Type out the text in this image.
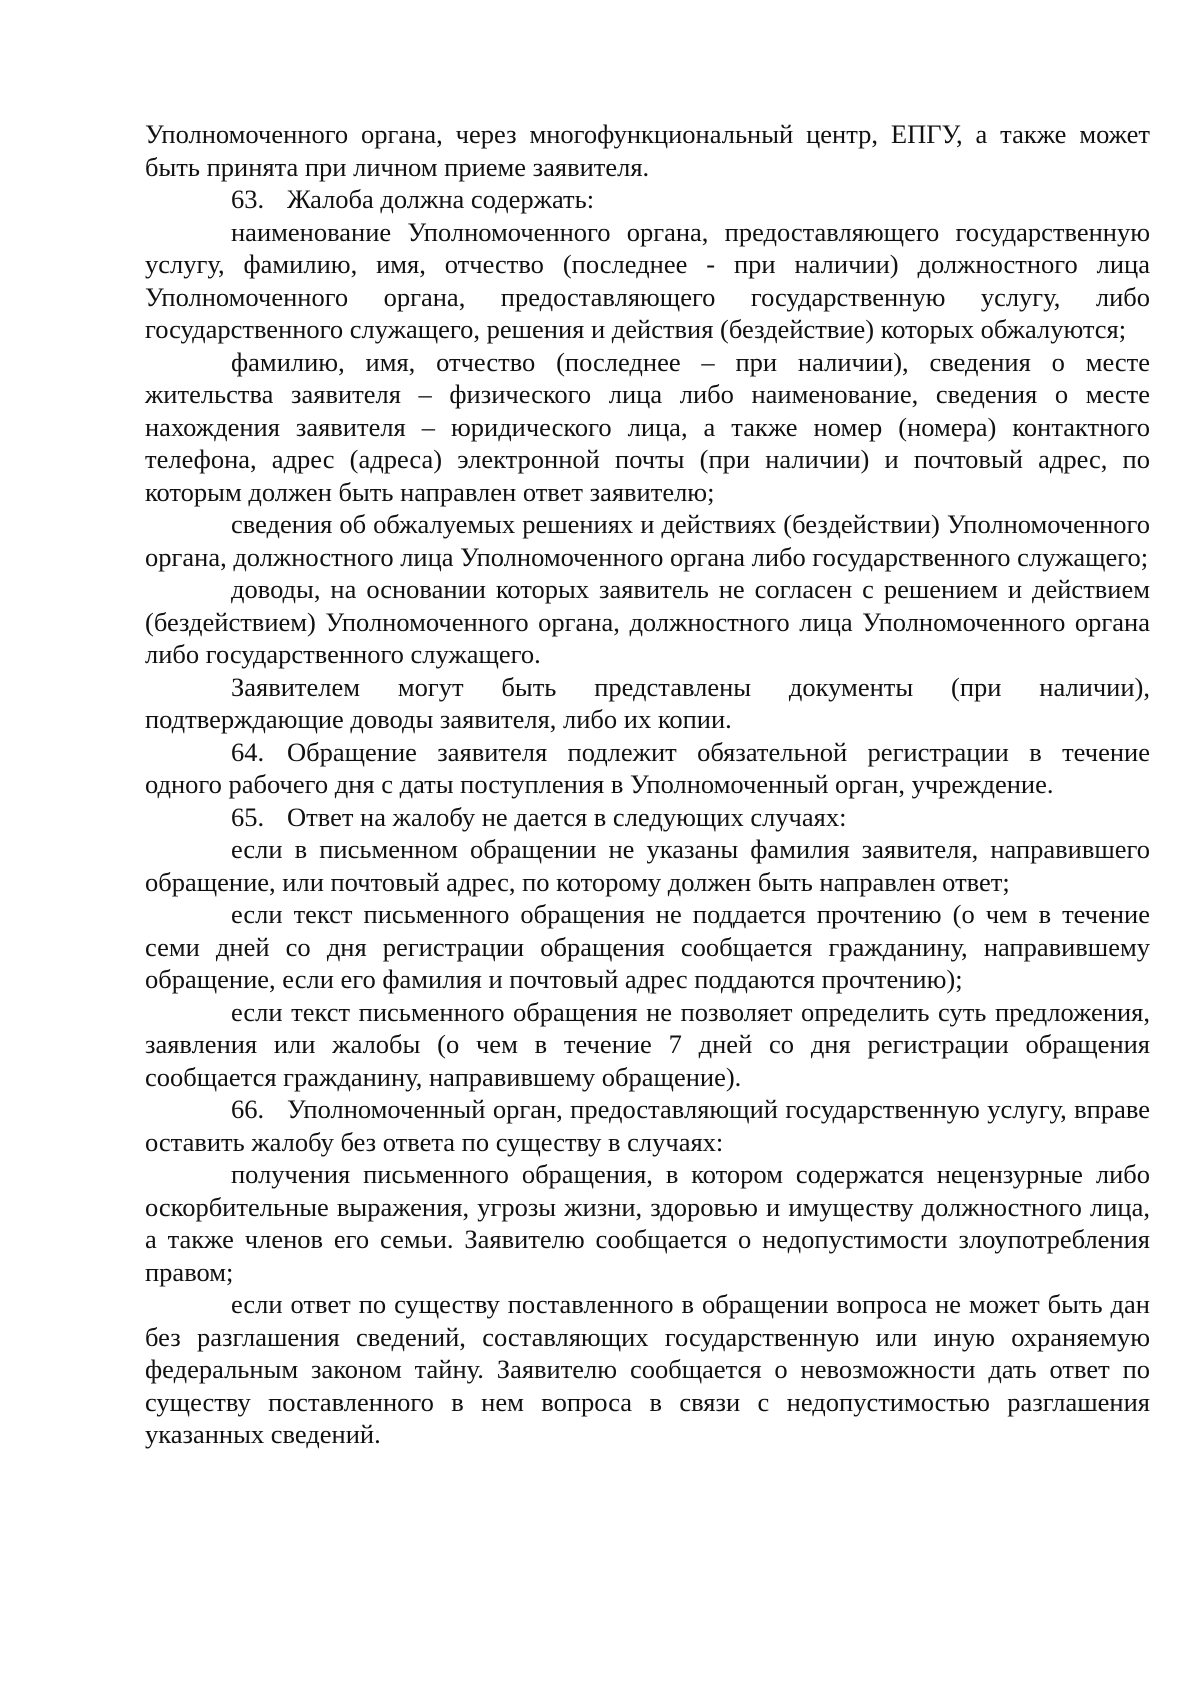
Уполномоченного органа, через многофункциональный центр, ЕПГУ, а также может быть принята при личном приеме заявителя.

63. Жалоба должна содержать:

наименование Уполномоченного органа, предоставляющего государственную услугу, фамилию, имя, отчество (последнее - при наличии) должностного лица Уполномоченного органа, предоставляющего государственную услугу, либо государственного служащего, решения и действия (бездействие) которых обжалуются;

фамилию, имя, отчество (последнее – при наличии), сведения о месте жительства заявителя – физического лица либо наименование, сведения о месте нахождения заявителя – юридического лица, а также номер (номера) контактного телефона, адрес (адреса) электронной почты (при наличии) и почтовый адрес, по которым должен быть направлен ответ заявителю;

сведения об обжалуемых решениях и действиях (бездействии) Уполномоченного органа, должностного лица Уполномоченного органа либо государственного служащего;

доводы, на основании которых заявитель не согласен с решением и действием (бездействием) Уполномоченного органа, должностного лица Уполномоченного органа либо государственного служащего.

Заявителем могут быть представлены документы (при наличии), подтверждающие доводы заявителя, либо их копии.

64. Обращение заявителя подлежит обязательной регистрации в течение одного рабочего дня с даты поступления в Уполномоченный орган, учреждение.

65. Ответ на жалобу не дается в следующих случаях:

если в письменном обращении не указаны фамилия заявителя, направившего обращение, или почтовый адрес, по которому должен быть направлен ответ;

если текст письменного обращения не поддается прочтению (о чем в течение семи дней со дня регистрации обращения сообщается гражданину, направившему обращение, если его фамилия и почтовый адрес поддаются прочтению);

если текст письменного обращения не позволяет определить суть предложения, заявления или жалобы (о чем в течение 7 дней со дня регистрации обращения сообщается гражданину, направившему обращение).

66. Уполномоченный орган, предоставляющий государственную услугу, вправе оставить жалобу без ответа по существу в случаях:

получения письменного обращения, в котором содержатся нецензурные либо оскорбительные выражения, угрозы жизни, здоровью и имуществу должностного лица, а также членов его семьи. Заявителю сообщается о недопустимости злоупотребления правом;

если ответ по существу поставленного в обращении вопроса не может быть дан без разглашения сведений, составляющих государственную или иную охраняемую федеральным законом тайну. Заявителю сообщается о невозможности дать ответ по существу поставленного в нем вопроса в связи с недопустимостью разглашения указанных сведений.
